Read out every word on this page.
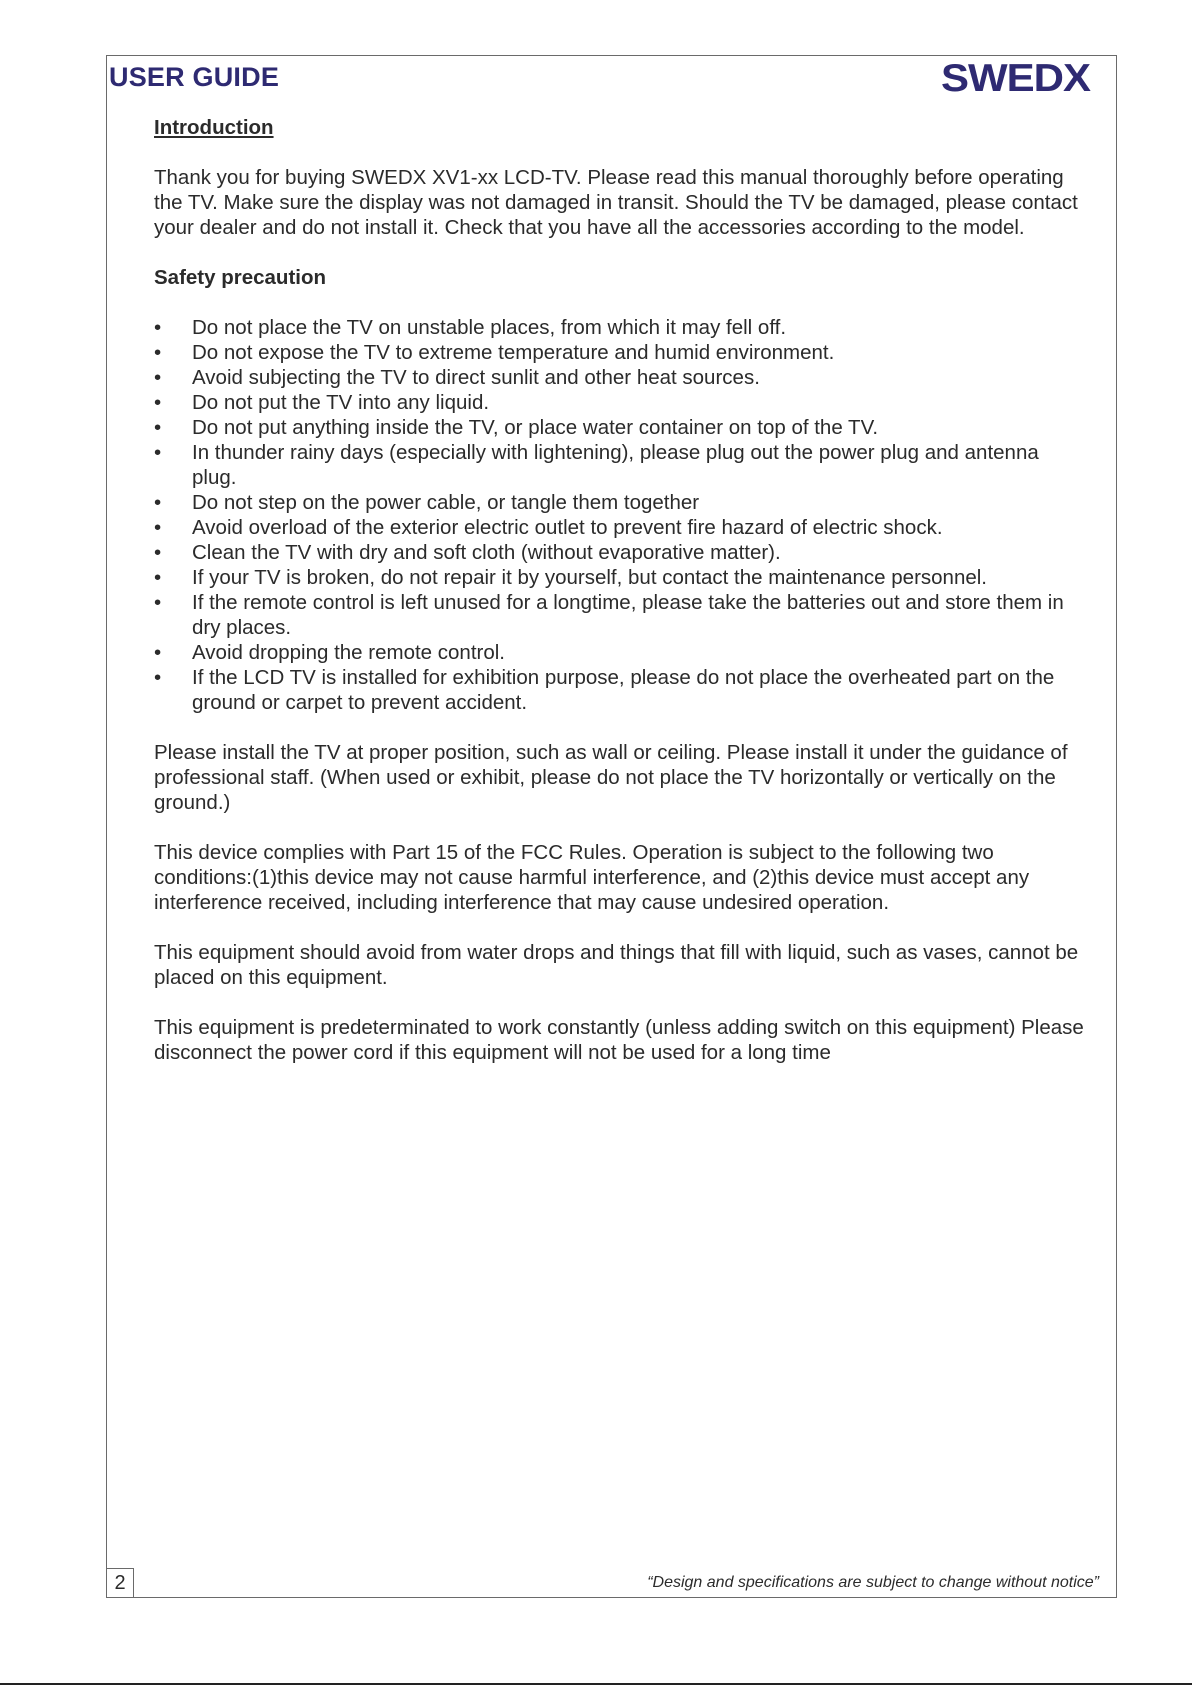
USER GUIDE	SWEDX
Introduction
Thank you for buying SWEDX XV1-xx LCD-TV. Please read this manual thoroughly before operating the TV. Make sure the display was not damaged in transit. Should the TV be damaged, please contact your dealer and do not install it. Check that you have all the accessories according to the model.
Safety precaution
• Do not place the TV on unstable places, from which it may fell off.
• Do not expose the TV to extreme temperature and humid environment.
• Avoid subjecting the TV to direct sunlit and other heat sources.
• Do not put the TV into any liquid.
• Do not put anything inside the TV, or place water container on top of the TV.
• In thunder rainy days (especially with lightening), please plug out the power plug and antenna plug.
• Do not step on the power cable, or tangle them together
• Avoid overload of the exterior electric outlet to prevent fire hazard of electric shock.
• Clean the TV with dry and soft cloth (without evaporative matter).
• If your TV is broken, do not repair it by yourself, but contact the maintenance personnel.
• If the remote control is left unused for a longtime, please take the batteries out and store them in dry places.
• Avoid dropping the remote control.
• If the LCD TV is installed for exhibition purpose, please do not place the overheated part on the ground or carpet to prevent accident.
Please install the TV at proper position, such as wall or ceiling. Please install it under the guidance of professional staff. (When used or exhibit, please do not place the TV horizontally or vertically on the ground.)
This device complies with Part 15 of the FCC Rules. Operation is subject to the following two conditions:(1)this device may not cause harmful interference, and (2)this device must accept any interference received, including interference that may cause undesired operation.
This equipment should avoid from water drops and things that fill with liquid, such as vases, cannot be placed on this equipment.
This equipment is predeterminated to work constantly (unless adding switch on this equipment) Please disconnect the power cord if this equipment will not be used for a long time
2	“Design and specifications are subject to change without notice”
